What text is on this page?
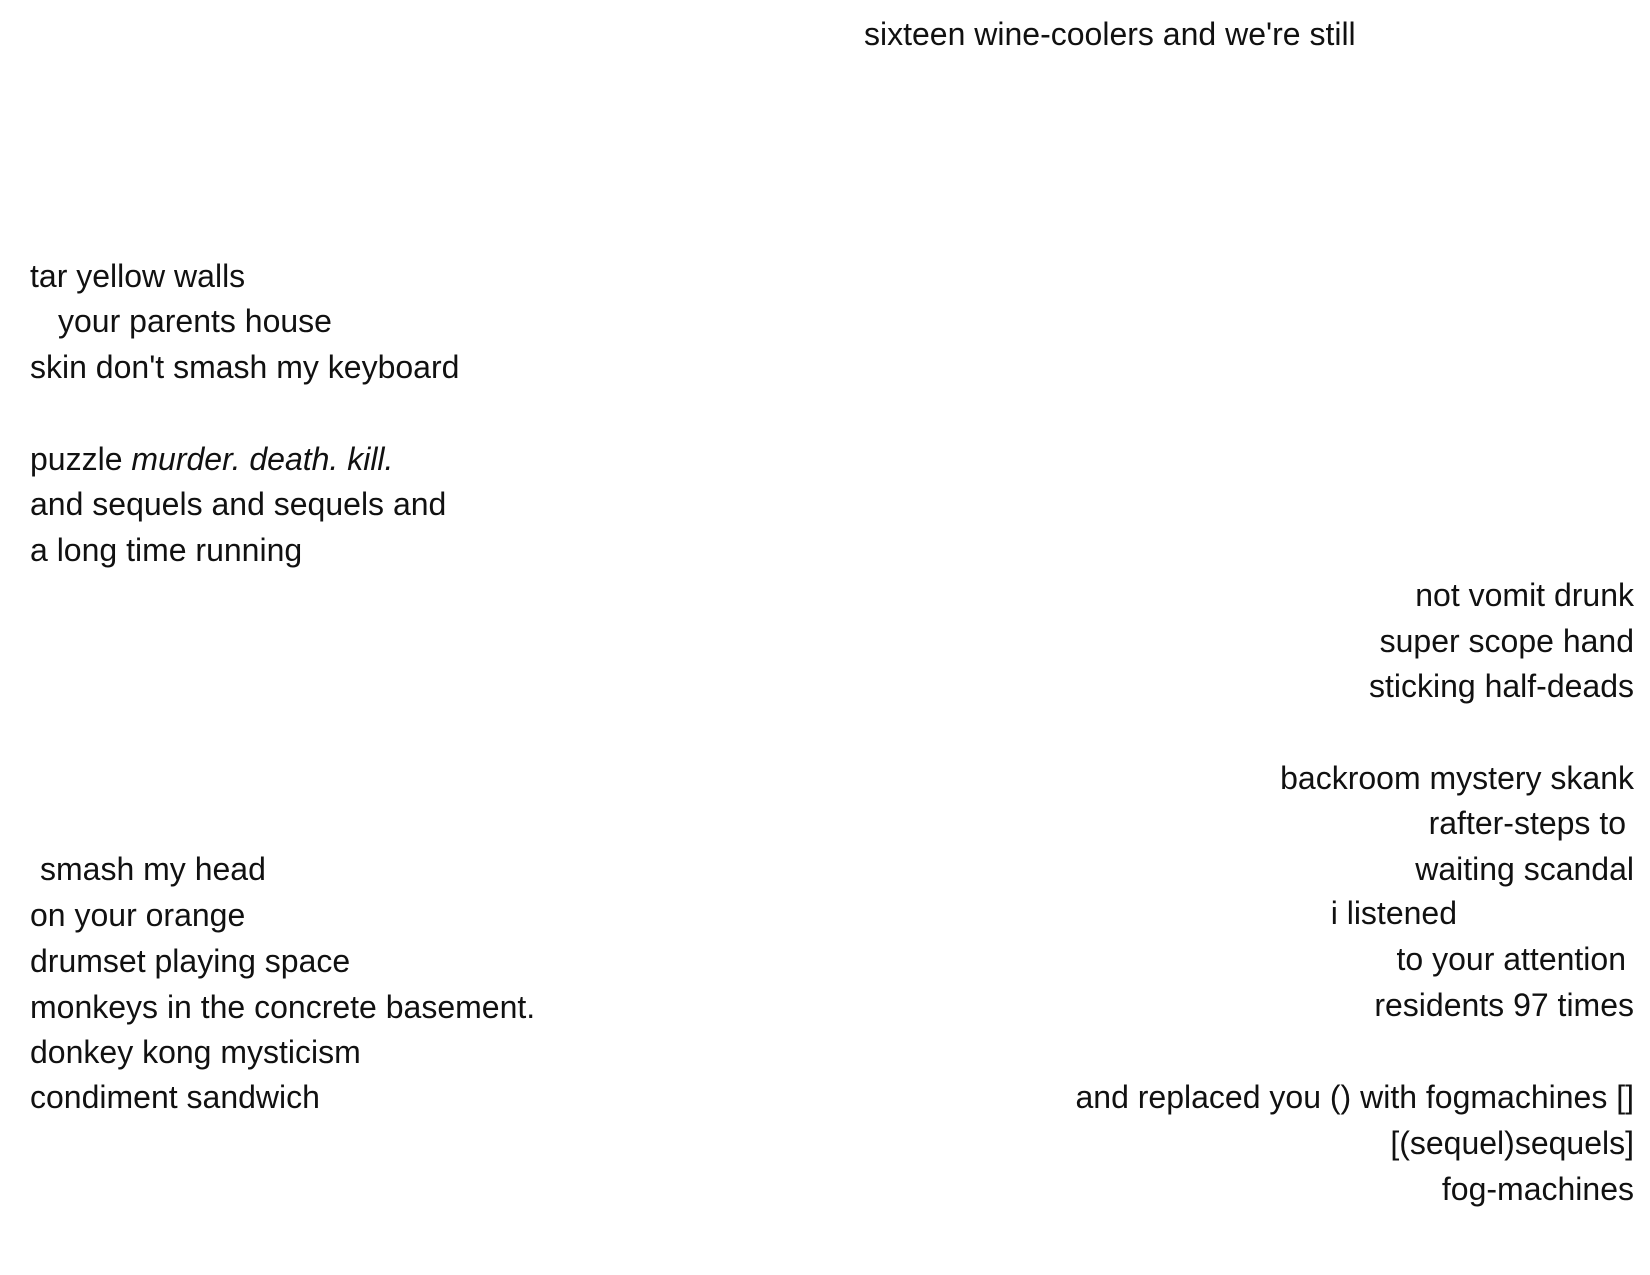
sixteen wine-coolers and we're still
tar yellow walls
your parents house
skin don't smash my keyboard
puzzle murder. death. kill.
and sequels and sequels and
a long time running
not vomit drunk
super scope hand
sticking half-deads
backroom mystery skank
rafter-steps to
waiting scandal
i listened
to your attention
residents 97 times
and replaced you () with fogmachines []
[(sequel)sequels]
fog-machines
smash my head
on your orange
drumset playing space
monkeys in the concrete basement.
donkey kong mysticism
condiment sandwich
